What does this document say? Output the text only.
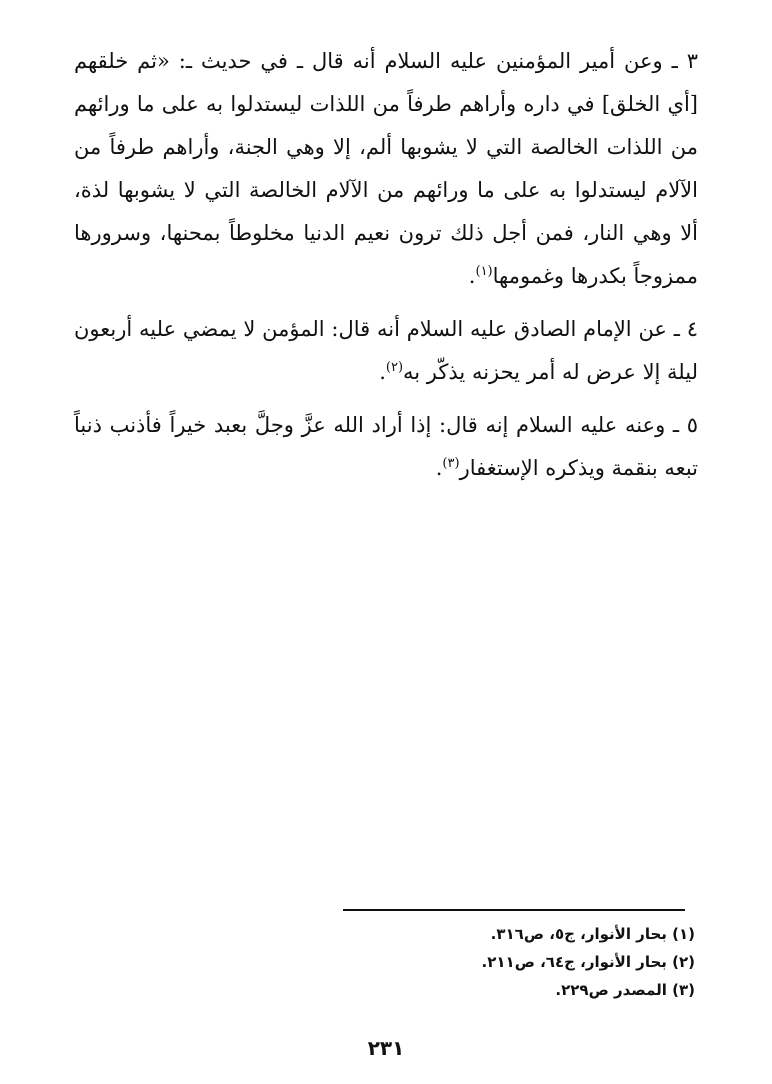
٣ ـ وعن أمير المؤمنين عليه السلام أنه قال ـ في حديث ـ: «ثم خلقهم [أي الخلق] في داره وأراهم طرفاً من اللذات ليستدلوا به على ما ورائهم من اللذات الخالصة التي لا يشوبها ألم، إلا وهي الجنة، وأراهم طرفاً من الآلام ليستدلوا به على ما ورائهم من الآلام الخالصة التي لا يشوبها لذة، ألا وهي النار، فمن أجل ذلك ترون نعيم الدنيا مخلوطاً بمحنها، وسرورها ممزوجاً بكدرها وغمومها$^{(١)}$.

٤ ـ عن الإمام الصادق عليه السلام أنه قال: المؤمن لا يمضي عليه أربعون ليلة إلا عرض له أمر يحزنه يذكّر به$^{(٢)}$.

٥ ـ وعنه عليه السلام إنه قال: إذا أراد الله عزَّ وجلَّ بعبد خيراً فأذنب ذنباً تبعه بنقمة ويذكره الإستغفار$^{(٣)}$.

(١) بحار الأنوار، ج٥، ص٣١٦.
(٢) بحار الأنوار، ج٦٤، ص٢١١.
(٣) المصدر ص٢٢٩.
٢٣١
